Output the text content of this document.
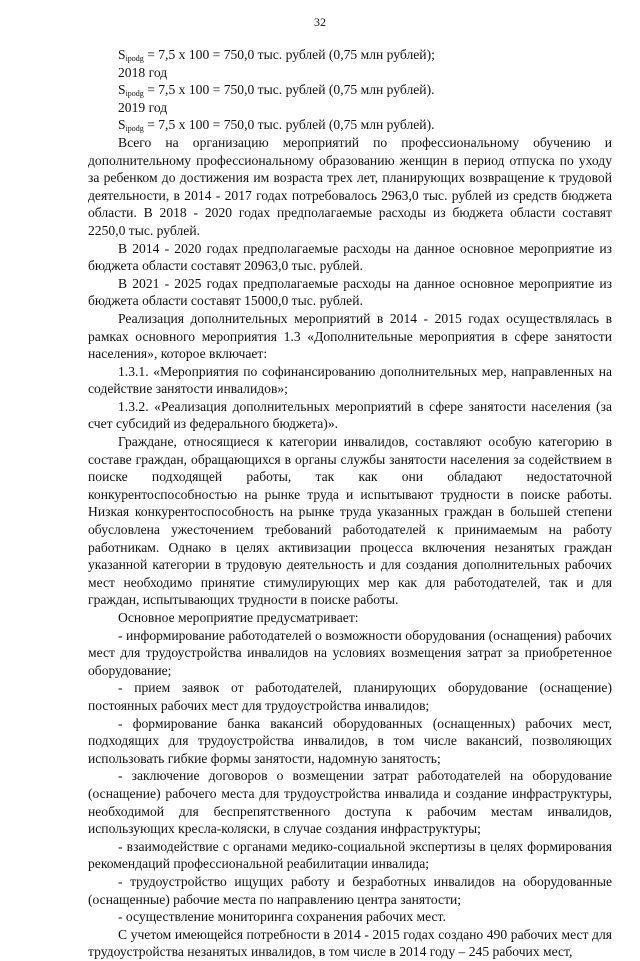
32

$S_{ipodg} = 7,5$ x 100 = 750,0 тыс. рублей (0,75 млн рублей);

2018 год

$S_{ipodg} = 7,5$ x 100 = 750,0 тыс. рублей (0,75 млн рублей).

2019 год

$S_{ipodg} = 7,5$ x 100 = 750,0 тыс. рублей (0,75 млн рублей).

Всего на организацию мероприятий по профессиональному обучению и дополнительному профессиональному образованию женщин в период отпуска по уходу за ребенком до достижения им возраста трех лет, планирующих возвращение к трудовой деятельности, в 2014 - 2017 годах потребовалось 2963,0 тыс. рублей из средств бюджета области. В 2018 - 2020 годах предполагаемые расходы из бюджета области составят 2250,0 тыс. рублей.

В 2014 - 2020 годах предполагаемые расходы на данное основное мероприятие из бюджета области составят 20963,0 тыс. рублей.

В 2021 - 2025 годах предполагаемые расходы на данное основное мероприятие из бюджета области составят 15000,0 тыс. рублей.

Реализация дополнительных мероприятий в 2014 - 2015 годах осуществлялась в рамках основного мероприятия 1.3 «Дополнительные мероприятия в сфере занятости населения», которое включает:

1.3.1. «Мероприятия по софинансированию дополнительных мер, направленных на содействие занятости инвалидов»;

1.3.2. «Реализация дополнительных мероприятий в сфере занятости населения (за счет субсидий из федерального бюджета)».

Граждане, относящиеся к категории инвалидов, составляют особую категорию в составе граждан, обращающихся в органы службы занятости населения за содействием в поиске подходящей работы, так как они обладают недостаточной конкурентоспособностью на рынке труда и испытывают трудности в поиске работы. Низкая конкурентоспособность на рынке труда указанных граждан в большей степени обусловлена ужесточением требований работодателей к принимаемым на работу работникам. Однако в целях активизации процесса включения незанятых граждан указанной категории в трудовую деятельность и для создания дополнительных рабочих мест необходимо принятие стимулирующих мер как для работодателей, так и для граждан, испытывающих трудности в поиске работы.

Основное мероприятие предусматривает:

- информирование работодателей о возможности оборудования (оснащения) рабочих мест для трудоустройства инвалидов на условиях возмещения затрат за приобретенное оборудование;

- прием заявок от работодателей, планирующих оборудование (оснащение) постоянных рабочих мест для трудоустройства инвалидов;

- формирование банка вакансий оборудованных (оснащенных) рабочих мест, подходящих для трудоустройства инвалидов, в том числе вакансий, позволяющих использовать гибкие формы занятости, надомную занятость;

- заключение договоров о возмещении затрат работодателей на оборудование (оснащение) рабочего места для трудоустройства инвалида и создание инфраструктуры, необходимой для беспрепятственного доступа к рабочим местам инвалидов, использующих кресла-коляски, в случае создания инфраструктуры;

- взаимодействие с органами медико-социальной экспертизы в целях формирования рекомендаций профессиональной реабилитации инвалида;

- трудоустройство ищущих работу и безработных инвалидов на оборудованные (оснащенные) рабочие места по направлению центра занятости;

- осуществление мониторинга сохранения рабочих мест.

С учетом имеющейся потребности в 2014 - 2015 годах создано 490 рабочих мест для трудоустройства незанятых инвалидов, в том числе в 2014 году – 245 рабочих мест,
